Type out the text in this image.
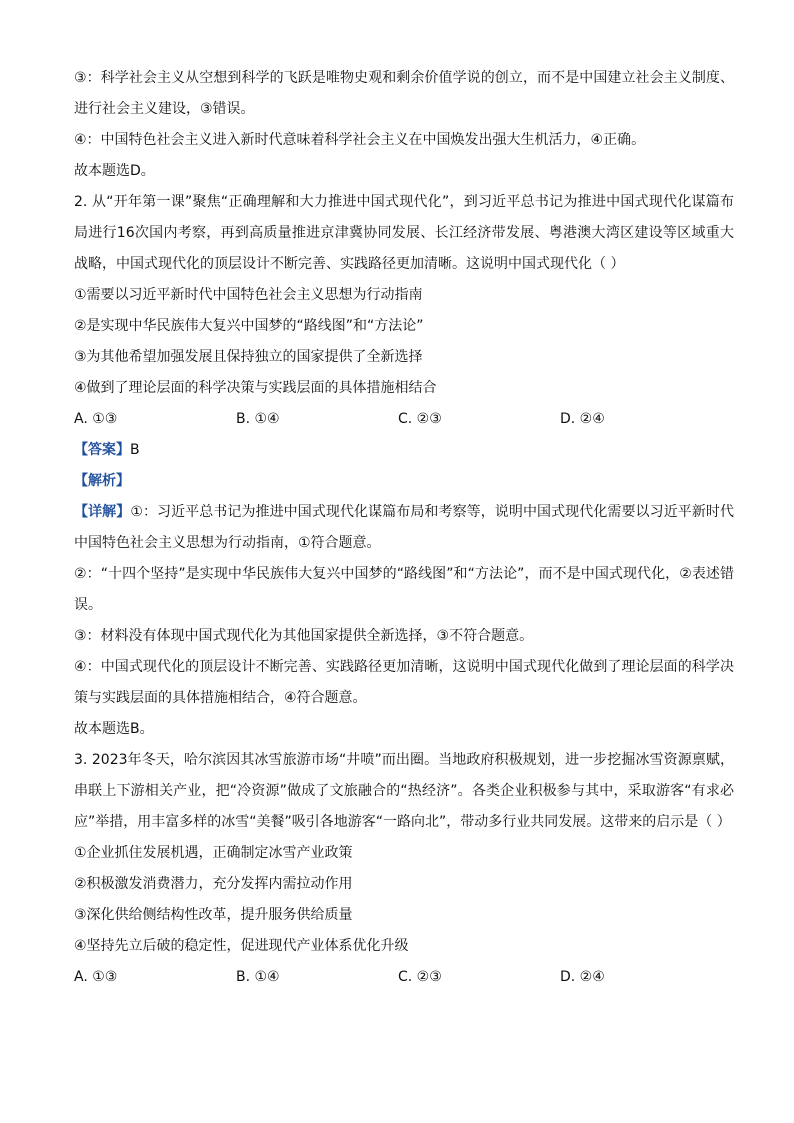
③：科学社会主义从空想到科学的飞跃是唯物史观和剩余价值学说的创立，而不是中国建立社会主义制度、进行社会主义建设，③错误。
④：中国特色社会主义进入新时代意味着科学社会主义在中国焕发出强大生机活力，④正确。
故本题选D。
2. 从“开年第一课”聚焦“正确理解和大力推进中国式现代化”，到习近平总书记为推进中国式现代化谋篇布局进行16次国内考察，再到高质量推进京津冀协同发展、长江经济带发展、粤港澳大湾区建设等区域重大战略，中国式现代化的顶层设计不断完善、实践路径更加清晰。这说明中国式现代化（ ）
①需要以习近平新时代中国特色社会主义思想为行动指南
②是实现中华民族伟大复兴中国梦的“路线图”和“方法论”
③为其他希望加强发展且保持独立的国家提供了全新选择
④做到了理论层面的科学决策与实践层面的具体措施相结合
A. ①③	B. ①④	C. ②③	D. ②④
【答案】B
【解析】
【详解】①：习近平总书记为推进中国式现代化谋篇布局和考察等，说明中国式现代化需要以习近平新时代中国特色社会主义思想为行动指南，①符合题意。
②：“十四个坚持”是实现中华民族伟大复兴中国梦的“路线图”和“方法论”，而不是中国式现代化，②表述错误。
③：材料没有体现中国式现代化为其他国家提供全新选择，③不符合题意。
④：中国式现代化的顶层设计不断完善、实践路径更加清晰，这说明中国式现代化做到了理论层面的科学决策与实践层面的具体措施相结合，④符合题意。
故本题选B。
3. 2023年冬天，哈尔滨因其冰雪旅游市场“井喷”而出圈。当地政府积极规划，进一步挖掘冰雪资源禀赋，串联上下游相关产业，把“冷资源”做成了文旅融合的“热经济”。各类企业积极参与其中，采取游客“有求必应”举措，用丰富多样的冰雪“美餐”吸引各地游客“一路向北”，带动多行业共同发展。这带来的启示是（ ）
①企业抓住发展机遇，正确制定冰雪产业政策
②积极激发消费潜力，充分发挥内需拉动作用
③深化供给侧结构性改革，提升服务供给质量
④坚持先立后破的稳定性，促进现代产业体系优化升级
A. ①③	B. ①④	C. ②③	D. ②④
